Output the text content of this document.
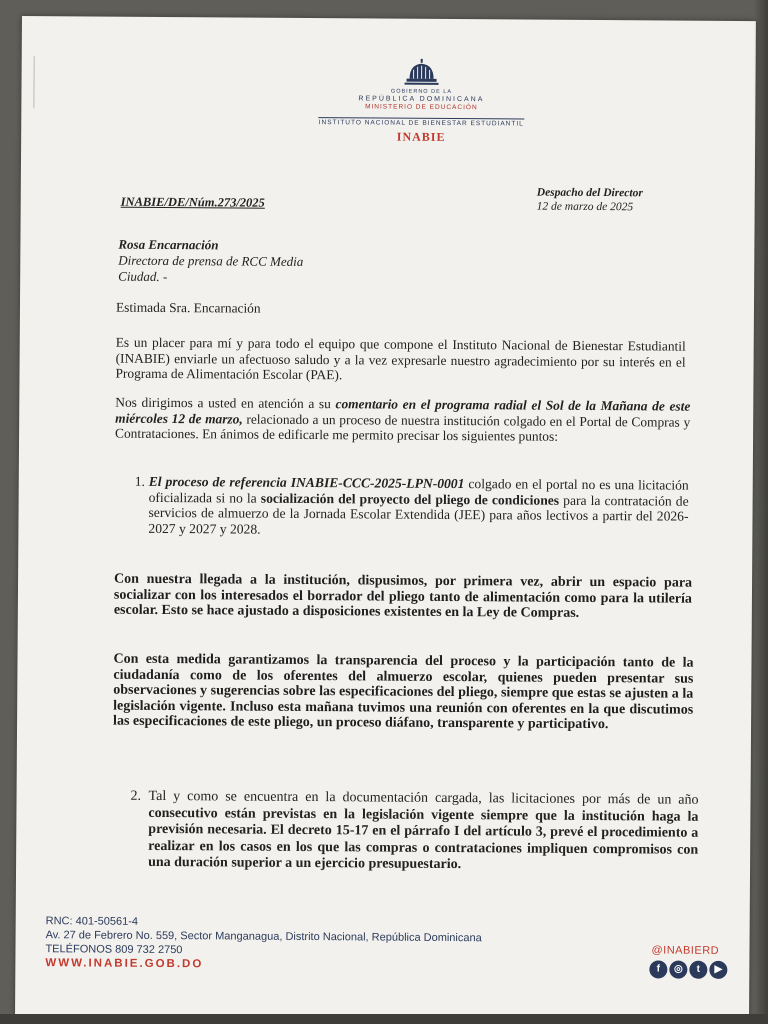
GOBIERNO DE LA
REPÚBLICA DOMINICANA
MINISTERIO DE EDUCACIÓN
INSTITUTO NACIONAL DE BIENESTAR ESTUDIANTIL
INABIE
INABIE/DE/Núm.273/2025
Despacho del Director
12 de marzo de 2025
Rosa Encarnación
Directora de prensa de RCC Media
Ciudad. -
Estimada Sra. Encarnación
Es un placer para mí y para todo el equipo que compone el Instituto Nacional de Bienestar Estudiantil (INABIE) enviarle un afectuoso saludo y a la vez expresarle nuestro agradecimiento por su interés en el Programa de Alimentación Escolar (PAE).
Nos dirigimos a usted en atención a su comentario en el programa radial el Sol de la Mañana de este miércoles 12 de marzo, relacionado a un proceso de nuestra institución colgado en el Portal de Compras y Contrataciones. En ánimos de edificarle me permito precisar los siguientes puntos:
1. El proceso de referencia INABIE-CCC-2025-LPN-0001 colgado en el portal no es una licitación oficializada si no la socialización del proyecto del pliego de condiciones para la contratación de servicios de almuerzo de la Jornada Escolar Extendida (JEE) para años lectivos a partir del 2026-2027 y 2027 y 2028.
Con nuestra llegada a la institución, dispusimos, por primera vez, abrir un espacio para socializar con los interesados el borrador del pliego tanto de alimentación como para la utilería escolar. Esto se hace ajustado a disposiciones existentes en la Ley de Compras.
Con esta medida garantizamos la transparencia del proceso y la participación tanto de la ciudadanía como de los oferentes del almuerzo escolar, quienes pueden presentar sus observaciones y sugerencias sobre las especificaciones del pliego, siempre que estas se ajusten a la legislación vigente. Incluso esta mañana tuvimos una reunión con oferentes en la que discutimos las especificaciones de este pliego, un proceso diáfano, transparente y participativo.
2. Tal y como se encuentra en la documentación cargada, las licitaciones por más de un año consecutivo están previstas en la legislación vigente siempre que la institución haga la previsión necesaria. El decreto 15-17 en el párrafo I del artículo 3, prevé el procedimiento a realizar en los casos en los que las compras o contrataciones impliquen compromisos con una duración superior a un ejercicio presupuestario.
RNC: 401-50561-4
Av. 27 de Febrero No. 559, Sector Manganagua, Distrito Nacional, República Dominicana
TELÉFONOS 809 732 2750
WWW.INABIE.GOB.DO
@INABIERD
f	◎	t	▶
